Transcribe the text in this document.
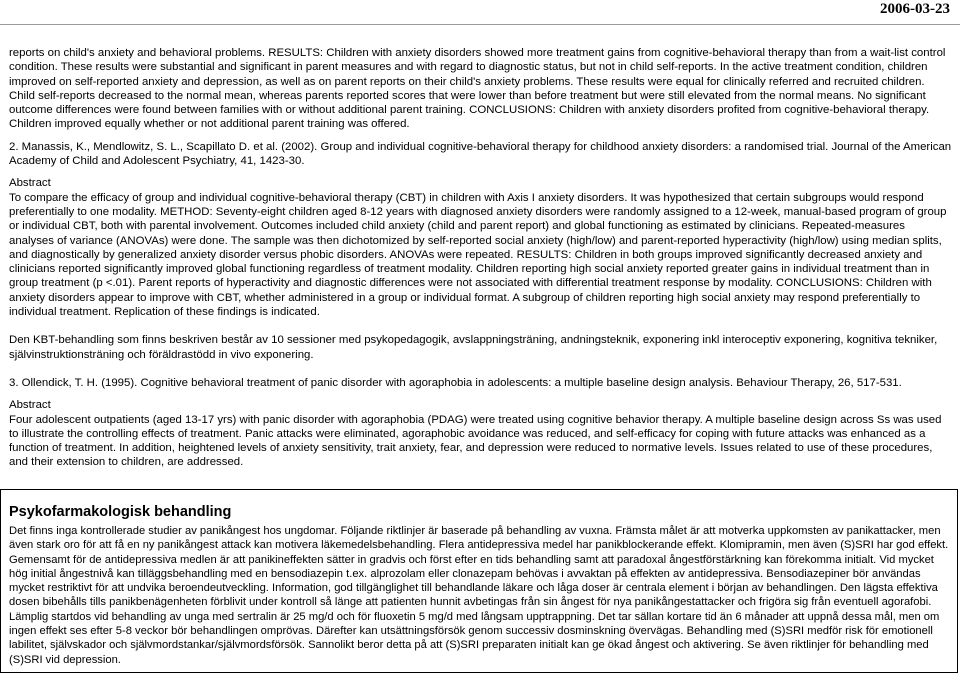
2006-03-23

reports on child's anxiety and behavioral problems. RESULTS: Children with anxiety disorders showed more treatment gains from cognitive-behavioral therapy than from a wait-list control condition. These results were substantial and significant in parent measures and with regard to diagnostic status, but not in child self-reports. In the active treatment condition, children improved on self-reported anxiety and depression, as well as on parent reports on their child's anxiety problems. These results were equal for clinically referred and recruited children. Child self-reports decreased to the normal mean, whereas parents reported scores that were lower than before treatment but were still elevated from the normal means. No significant outcome differences were found between families with or without additional parent training. CONCLUSIONS: Children with anxiety disorders profited from cognitive-behavioral therapy. Children improved equally whether or not additional parent training was offered.

2. Manassis, K., Mendlowitz, S. L., Scapillato D. et al. (2002). Group and individual cognitive-behavioral therapy for childhood anxiety disorders: a randomised trial. Journal of the American Academy of Child and Adolescent Psychiatry, 41, 1423-30.

Abstract

To compare the efficacy of group and individual cognitive-behavioral therapy (CBT) in children with Axis I anxiety disorders. It was hypothesized that certain subgroups would respond preferentially to one modality. METHOD: Seventy-eight children aged 8-12 years with diagnosed anxiety disorders were randomly assigned to a 12-week, manual-based program of group or individual CBT, both with parental involvement. Outcomes included child anxiety (child and parent report) and global functioning as estimated by clinicians. Repeated-measures analyses of variance (ANOVAs) were done. The sample was then dichotomized by self-reported social anxiety (high/low) and parent-reported hyperactivity (high/low) using median splits, and diagnostically by generalized anxiety disorder versus phobic disorders. ANOVAs were repeated. RESULTS: Children in both groups improved significantly decreased anxiety and clinicians reported significantly improved global functioning regardless of treatment modality. Children reporting high social anxiety reported greater gains in individual treatment than in group treatment (p <.01). Parent reports of hyperactivity and diagnostic differences were not associated with differential treatment response by modality. CONCLUSIONS: Children with anxiety disorders appear to improve with CBT, whether administered in a group or individual format. A subgroup of children reporting high social anxiety may respond preferentially to individual treatment. Replication of these findings is indicated.

Den KBT-behandling som finns beskriven består av 10 sessioner med psykopedagogik, avslappningsträning, andningsteknik, exponering inkl interoceptiv exponering, kognitiva tekniker, självinstruktionsträning och föräldrastödd in vivo exponering.

3. Ollendick, T. H. (1995). Cognitive behavioral treatment of panic disorder with agoraphobia in adolescents: a multiple baseline design analysis. Behaviour Therapy, 26, 517-531.

Abstract

Four adolescent outpatients (aged 13-17 yrs) with panic disorder with agoraphobia (PDAG) were treated using cognitive behavior therapy. A multiple baseline design across Ss was used to illustrate the controlling effects of treatment. Panic attacks were eliminated, agoraphobic avoidance was reduced, and self-efficacy for coping with future attacks was enhanced as a function of treatment. In addition, heightened levels of anxiety sensitivity, trait anxiety, fear, and depression were reduced to normative levels. Issues related to use of these procedures, and their extension to children, are addressed.

Psykofarmakologisk behandling

Det finns inga kontrollerade studier av panikångest hos ungdomar. Följande riktlinjer är baserade på behandling av vuxna. Främsta målet är att motverka uppkomsten av panikattacker, men även stark oro för att få en ny panikångest attack kan motivera läkemedelsbehandling. Flera antidepressiva medel har panikblockerande effekt. Klomipramin, men även (S)SRI har god effekt. Gemensamt för de antidepressiva medlen är att panikineffekten sätter in gradvis och först efter en tids behandling samt att paradoxal ångestförstärkning kan förekomma initialt. Vid mycket hög initial ångestnivå kan tilläggsbehandling med en bensodiazepin t.ex. alprozolam eller clonazepam behövas i avvaktan på effekten av antidepressiva. Bensodiazepiner bör användas mycket restriktivt för att undvika beroendeutveckling. Information, god tillgänglighet till behandlande läkare och låga doser är centrala element i början av behandlingen. Den lägsta effektiva dosen bibehålls tills panikbenägenheten förblivit under kontroll så länge att patienten hunnit avbetingas från sin ångest för nya panikångestattacker och frigöra sig från eventuell agorafobi. Lämplig startdos vid behandling av unga med sertralin är 25 mg/d och för fluoxetin 5 mg/d med långsam upptrappning. Det tar sällan kortare tid än 6 månader att uppnå dessa mål, men om ingen effekt ses efter 5-8 veckor bör behandlingen omprövas. Därefter kan utsättningsförsök genom successiv dosminskning övervägas. Behandling med (S)SRI medför risk för emotionell labilitet, självskador och självmordstankar/självmordsförsök. Sannolikt beror detta på att (S)SRI preparaten initialt kan ge ökad ångest och aktivering. Se även riktlinjer för behandling med (S)SRI vid depression.
